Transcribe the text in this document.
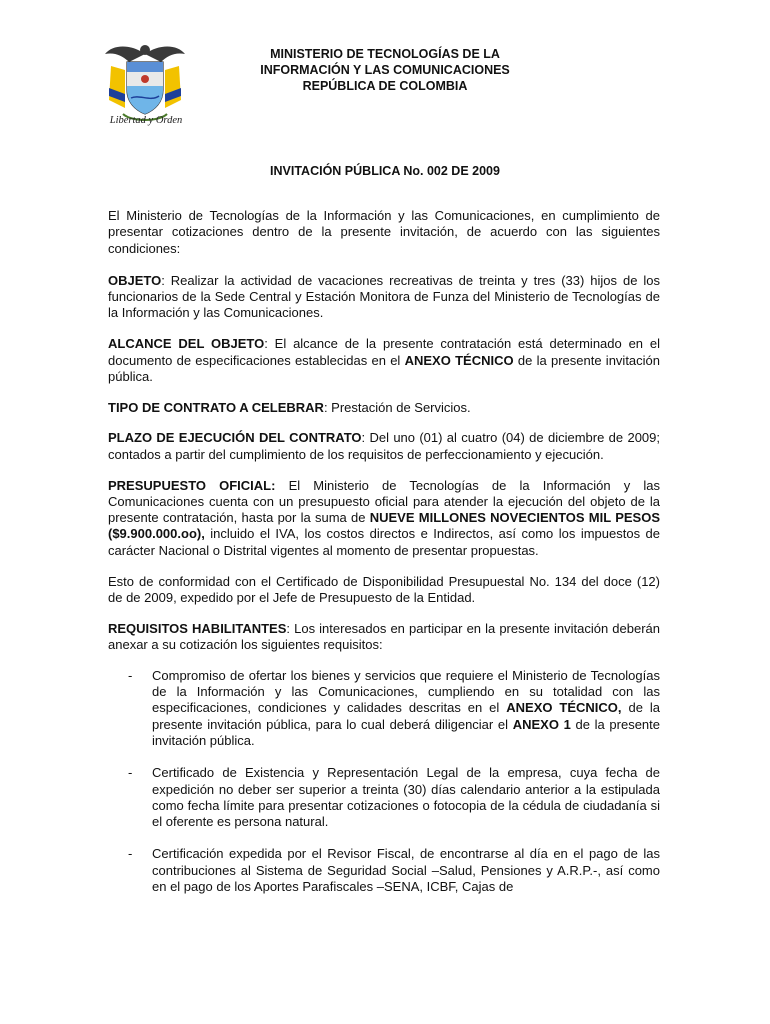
Libertad y Orden
MINISTERIO DE TECNOLOGÍAS DE LA
INFORMACIÓN Y LAS COMUNICACIONES
REPÚBLICA DE COLOMBIA
INVITACIÓN PÚBLICA No. 002 DE 2009

El Ministerio de Tecnologías de la Información y las Comunicaciones, en cumplimiento de presentar cotizaciones dentro de la presente invitación, de acuerdo con las siguientes condiciones:

OBJETO: Realizar la actividad de vacaciones recreativas de treinta y tres (33) hijos de los funcionarios de la Sede Central y Estación Monitora de Funza del Ministerio de Tecnologías de la Información y las Comunicaciones.

ALCANCE DEL OBJETO: El alcance de la presente contratación está determinado en el documento de especificaciones establecidas en el ANEXO TÉCNICO de la presente invitación pública.

TIPO DE CONTRATO A CELEBRAR: Prestación de Servicios.

PLAZO DE EJECUCIÓN DEL CONTRATO: Del uno (01) al cuatro (04) de diciembre de 2009; contados a partir del cumplimiento de los requisitos de perfeccionamiento y ejecución.

PRESUPUESTO OFICIAL: El Ministerio de Tecnologías de la Información y las Comunicaciones cuenta con un presupuesto oficial para atender la ejecución del objeto de la presente contratación, hasta por la suma de NUEVE MILLONES NOVECIENTOS MIL PESOS ($9.900.000.oo), incluido el IVA, los costos directos e Indirectos, así como los impuestos de carácter Nacional o Distrital vigentes al momento de presentar propuestas.

Esto de conformidad con el Certificado de Disponibilidad Presupuestal No. 134 del doce (12) de de 2009, expedido por el Jefe de Presupuesto de la Entidad.

REQUISITOS HABILITANTES: Los interesados en participar en la presente invitación deberán anexar a su cotización los siguientes requisitos:

- Compromiso de ofertar los bienes y servicios que requiere el Ministerio de Tecnologías de la Información y las Comunicaciones, cumpliendo en su totalidad con las especificaciones, condiciones y calidades descritas en el ANEXO TÉCNICO, de la presente invitación pública, para lo cual deberá diligenciar el ANEXO 1 de la presente invitación pública.
- Certificado de Existencia y Representación Legal de la empresa, cuya fecha de expedición no deber ser superior a treinta (30) días calendario anterior a la estipulada como fecha límite para presentar cotizaciones o fotocopia de la cédula de ciudadanía si el oferente es persona natural.
- Certificación expedida por el Revisor Fiscal, de encontrarse al día en el pago de las contribuciones al Sistema de Seguridad Social –Salud, Pensiones y A.R.P.-, así como en el pago de los Aportes Parafiscales –SENA, ICBF, Cajas de
